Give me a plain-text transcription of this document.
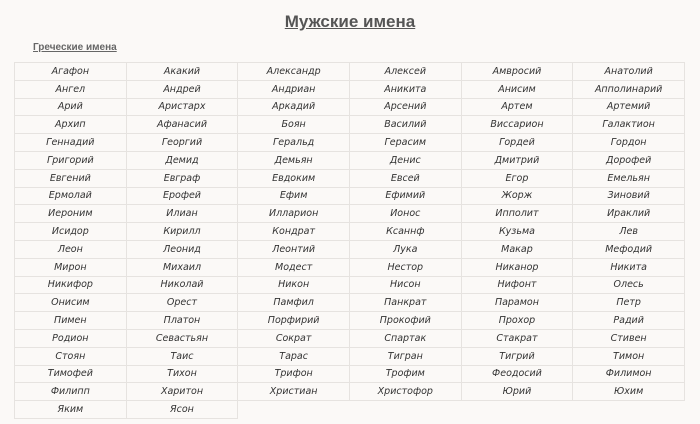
Мужские имена
Греческие имена
Агафон	Акакий	Александр	Алексей	Амвросий	Анатолий
Ангел	Андрей	Андриан	Аникита	Анисим	Апполинарий
Арий	Аристарх	Аркадий	Арсений	Артем	Артемий
Архип	Афанасий	Боян	Василий	Виссарион	Галактион
Геннадий	Георгий	Геральд	Герасим	Гордей	Гордон
Григорий	Демид	Демьян	Денис	Дмитрий	Дорофей
Евгений	Евграф	Евдоким	Евсей	Егор	Емельян
Ермолай	Ерофей	Ефим	Ефимий	Жорж	Зиновий
Иероним	Илиан	Илларион	Ионос	Ипполит	Ираклий
Исидор	Кирилл	Кондрат	Ксаннф	Кузьма	Лев
Леон	Леонид	Леонтий	Лука	Макар	Мефодий
Мирон	Михаил	Модест	Нестор	Никанор	Никита
Никифор	Николай	Никон	Нисон	Нифонт	Олесь
Онисим	Орест	Памфил	Панкрат	Парамон	Петр
Пимен	Платон	Порфирий	Прокофий	Прохор	Радий
Родион	Севастьян	Сократ	Спартак	Стакрат	Стивен
Стоян	Таис	Тарас	Тигран	Тигрий	Тимон
Тимофей	Тихон	Трифон	Трофим	Феодосий	Филимон
Филипп	Харитон	Христиан	Христофор	Юрий	Юхим
Яким	Ясон				
